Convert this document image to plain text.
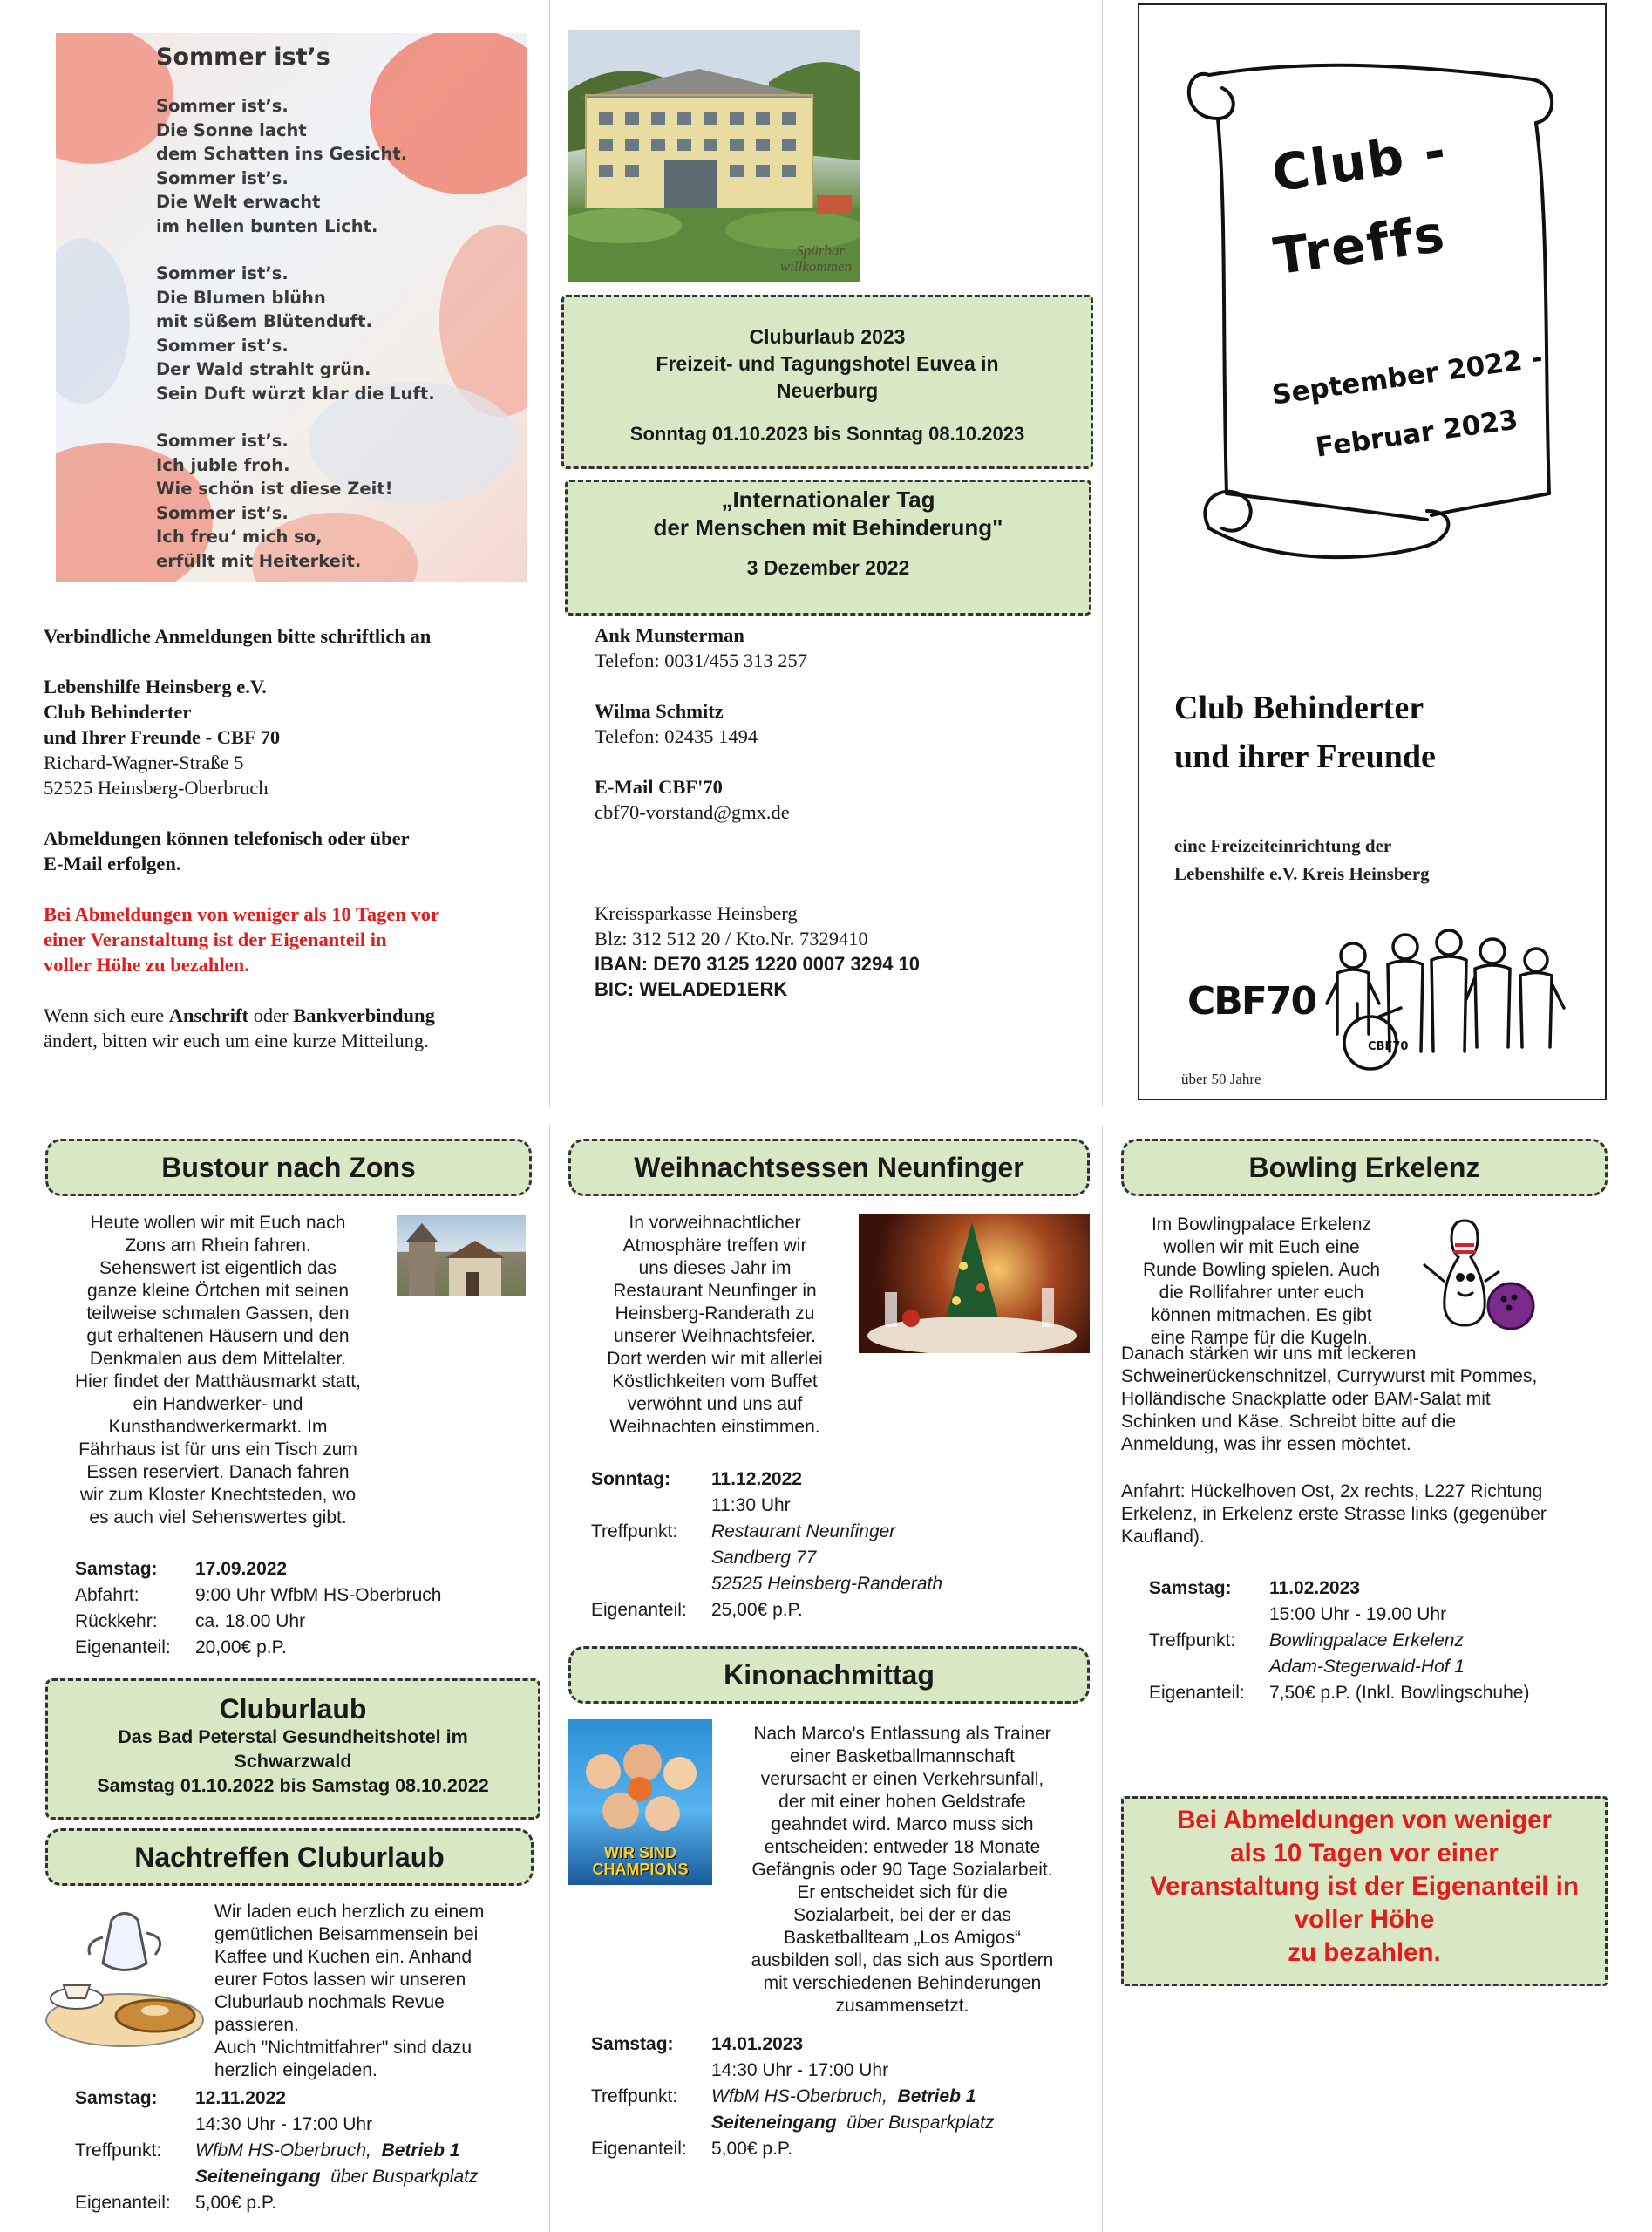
Sommer ist’s
Sommer ist’s.
Die Sonne lacht
dem Schatten ins Gesicht.
Sommer ist’s.
Die Welt erwacht
im hellen bunten Licht.
Sommer ist’s.
Die Blumen blühn
mit süßem Blütenduft.
Sommer ist’s.
Der Wald strahlt grün.
Sein Duft würzt klar die Luft.
Sommer ist’s.
Ich juble froh.
Wie schön ist diese Zeit!
Sommer ist’s.
Ich freu‘ mich so,
erfüllt mit Heiterkeit.
Spürbar
willkommen
Cluburlaub 2023
Freizeit- und Tagungshotel Euvea in
Neuerburg
Sonntag 01.10.2023 bis Sonntag 08.10.2023
„Internationaler Tag
der Menschen mit Behinderung"
3 Dezember 2022
Verbindliche Anmeldungen bitte schriftlich an
Lebenshilfe Heinsberg e.V.
Club Behinderter
und Ihrer Freunde - CBF 70
Richard-Wagner-Straße 5
52525 Heinsberg-Oberbruch
Abmeldungen können telefonisch oder über
E-Mail erfolgen.
Bei Abmeldungen von weniger als 10 Tagen vor
einer Veranstaltung ist der Eigenanteil in
voller Höhe zu bezahlen.
Wenn sich eure Anschrift oder Bankverbindung
ändert, bitten wir euch um eine kurze Mitteilung.
Ank Munsterman
Telefon: 0031/455 313 257
Wilma Schmitz
Telefon: 02435 1494
E-Mail CBF'70
cbf70-vorstand@gmx.de
Kreissparkasse Heinsberg
Blz: 312 512 20 / Kto.Nr. 7329410
IBAN: DE70 3125 1220 0007 3294 10
BIC: WELADED1ERK
Club -
Treffs
September 2022 -
Februar 2023
Club Behinderter
und ihrer Freunde
eine Freizeiteinrichtung der
Lebenshilfe e.V. Kreis Heinsberg
CBF70
CBF70
über 50 Jahre
Bustour nach Zons
Heute wollen wir mit Euch nach
Zons am Rhein fahren.
Sehenswert ist eigentlich das
ganze kleine Örtchen mit seinen
teilweise schmalen Gassen, den
gut erhaltenen Häusern und den
Denkmalen aus dem Mittelalter.
Hier findet der Matthäusmarkt statt,
ein Handwerker- und
Kunsthandwerkermarkt. Im
Fährhaus ist für uns ein Tisch zum
Essen reserviert. Danach fahren
wir zum Kloster Knechtsteden, wo
es auch viel Sehenswertes gibt.
Samstag:	17.09.2022
Abfahrt:	9:00 Uhr WfbM HS-Oberbruch
Rückkehr:	ca. 18.00 Uhr
Eigenanteil:	20,00€ p.P.
Cluburlaub
Das Bad Peterstal Gesundheitshotel im
Schwarzwald
Samstag 01.10.2022 bis Samstag 08.10.2022
Nachtreffen Cluburlaub
Wir laden euch herzlich zu einem
gemütlichen Beisammensein bei
Kaffee und Kuchen ein. Anhand
eurer Fotos lassen wir unseren
Cluburlaub nochmals Revue
passieren.
Auch "Nichtmitfahrer" sind dazu
herzlich eingeladen.
Samstag:	12.11.2022
14:30 Uhr - 17:00 Uhr
Treffpunkt:	WfbM HS-Oberbruch,
Betrieb 1
Seiteneingang
über Busparkplatz
Eigenanteil:	5,00€ p.P.
Weihnachtsessen Neunfinger
In vorweihnachtlicher
Atmosphäre treffen wir
uns dieses Jahr im
Restaurant Neunfinger in
Heinsberg-Randerath zu
unserer Weihnachtsfeier.
Dort werden wir mit allerlei
Köstlichkeiten vom Buffet
verwöhnt und uns auf
Weihnachten einstimmen.
Sonntag:	11.12.2022
11:30 Uhr
Treffpunkt:	Restaurant Neunfinger
Sandberg 77
52525 Heinsberg-Randerath
Eigenanteil:	25,00€ p.P.
Kinonachmittag
WIR SIND CHAMPIONS
Nach Marco's Entlassung als Trainer
einer Basketballmannschaft
verursacht er einen Verkehrsunfall,
der mit einer hohen Geldstrafe
geahndet wird. Marco muss sich
entscheiden: entweder 18 Monate
Gefängnis oder 90 Tage Sozialarbeit.
Er entscheidet sich für die
Sozialarbeit, bei der er das
Basketballteam „Los Amigos“
ausbilden soll, das sich aus Sportlern
mit verschiedenen Behinderungen
zusammensetzt.
Samstag:	14.01.2023
14:30 Uhr - 17:00 Uhr
Treffpunkt:	WfbM HS-Oberbruch,
Betrieb 1
Seiteneingang
über Busparkplatz
Eigenanteil:	5,00€ p.P.
Bowling Erkelenz
Im Bowlingpalace Erkelenz
wollen wir mit Euch eine
Runde Bowling spielen. Auch
die Rollifahrer unter euch
können mitmachen. Es gibt
eine Rampe für die Kugeln.
Danach stärken wir uns mit leckeren
Schweinerückenschnitzel, Currywurst mit Pommes,
Holländische Snackplatte oder BAM-Salat mit
Schinken und Käse. Schreibt bitte auf die
Anmeldung, was ihr essen möchtet.
Anfahrt: Hückelhoven Ost, 2x rechts, L227 Richtung
Erkelenz, in Erkelenz erste Strasse links (gegenüber
Kaufland).
Samstag:	11.02.2023
15:00 Uhr - 19.00 Uhr
Treffpunkt:	Bowlingpalace Erkelenz
Adam-Stegerwald-Hof 1
Eigenanteil:	7,50€ p.P. (Inkl. Bowlingschuhe)
Bei Abmeldungen von weniger
als 10 Tagen vor einer
Veranstaltung ist der Eigenanteil in
voller Höhe
zu bezahlen.
